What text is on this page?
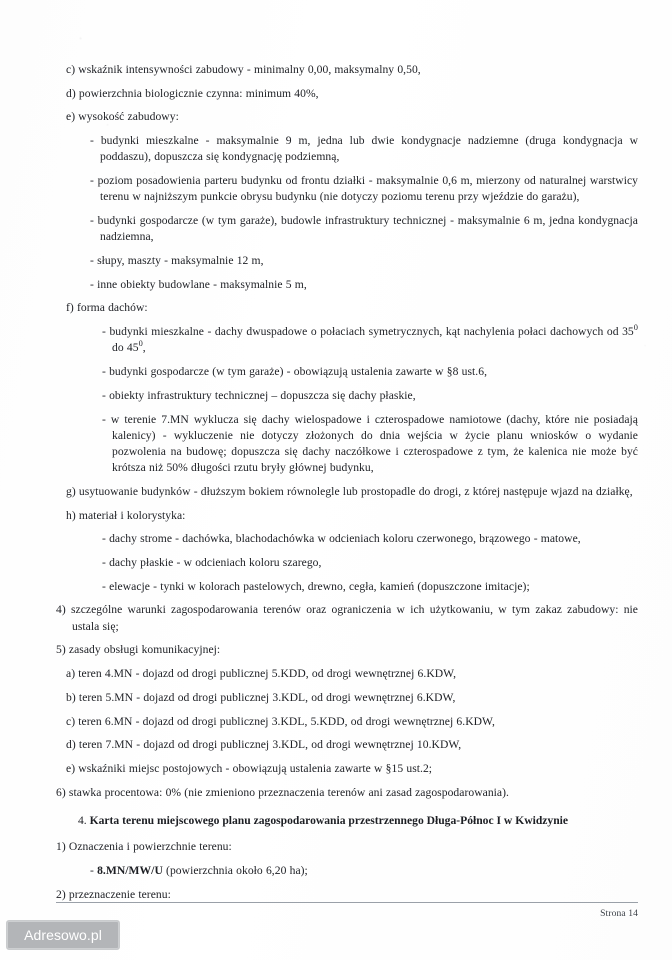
c) wskaźnik intensywności zabudowy - minimalny 0,00, maksymalny 0,50,

d) powierzchnia biologicznie czynna: minimum 40%,

e) wysokość zabudowy:

- budynki mieszkalne - maksymalnie 9 m, jedna lub dwie kondygnacje nadziemne (druga kondygnacja w poddaszu), dopuszcza się kondygnację podziemną,

- poziom posadowienia parteru budynku od frontu działki - maksymalnie 0,6 m, mierzony od naturalnej warstwicy terenu w najniższym punkcie obrysu budynku (nie dotyczy poziomu terenu przy wjeździe do garażu),

- budynki gospodarcze (w tym garaże), budowle infrastruktury technicznej - maksymalnie 6 m, jedna kondygnacja nadziemna,

- słupy, maszty - maksymalnie 12 m,

- inne obiekty budowlane - maksymalnie 5 m,

f) forma dachów:

- budynki mieszkalne - dachy dwuspadowe o połaciach symetrycznych, kąt nachylenia połaci dachowych od $35^0$ do $45^0$,

- budynki gospodarcze (w tym garaże) - obowiązują ustalenia zawarte w §8 ust.6,

- obiekty infrastruktury technicznej – dopuszcza się dachy płaskie,

- w terenie 7.MN wyklucza się dachy wielospadowe i czterospadowe namiotowe (dachy, które nie posiadają kalenicy) - wykluczenie nie dotyczy złożonych do dnia wejścia w życie planu wniosków o wydanie pozwolenia na budowę; dopuszcza się dachy naczółkowe i czterospadowe z tym, że kalenica nie może być krótsza niż 50% długości rzutu bryły głównej budynku,

g) usytuowanie budynków - dłuższym bokiem równolegle lub prostopadle do drogi, z której następuje wjazd na działkę,

h) materiał i kolorystyka:

- dachy strome - dachówka, blachodachówka w odcieniach koloru czerwonego, brązowego - matowe,

- dachy płaskie - w odcieniach koloru szarego,

- elewacje - tynki w kolorach pastelowych, drewno, cegła, kamień (dopuszczone imitacje);

4) szczególne warunki zagospodarowania terenów oraz ograniczenia w ich użytkowaniu, w tym zakaz zabudowy: nie ustala się;

5) zasady obsługi komunikacyjnej:

a) teren 4.MN - dojazd od drogi publicznej 5.KDD, od drogi wewnętrznej 6.KDW,

b) teren 5.MN - dojazd od drogi publicznej 3.KDL, od drogi wewnętrznej 6.KDW,

c) teren 6.MN - dojazd od drogi publicznej 3.KDL, 5.KDD, od drogi wewnętrznej 6.KDW,

d) teren 7.MN - dojazd od drogi publicznej 3.KDL, od drogi wewnętrznej 10.KDW,

e) wskaźniki miejsc postojowych - obowiązują ustalenia zawarte w §15 ust.2;

6) stawka procentowa: 0% (nie zmieniono przeznaczenia terenów ani zasad zagospodarowania).

4. Karta terenu miejscowego planu zagospodarowania przestrzennego Długa-Północ I w Kwidzynie

1) Oznaczenia i powierzchnie terenu:

- 8.MN/MW/U (powierzchnia około 6,20 ha);

2) przeznaczenie terenu:

Strona 14
Adresowo.pl
